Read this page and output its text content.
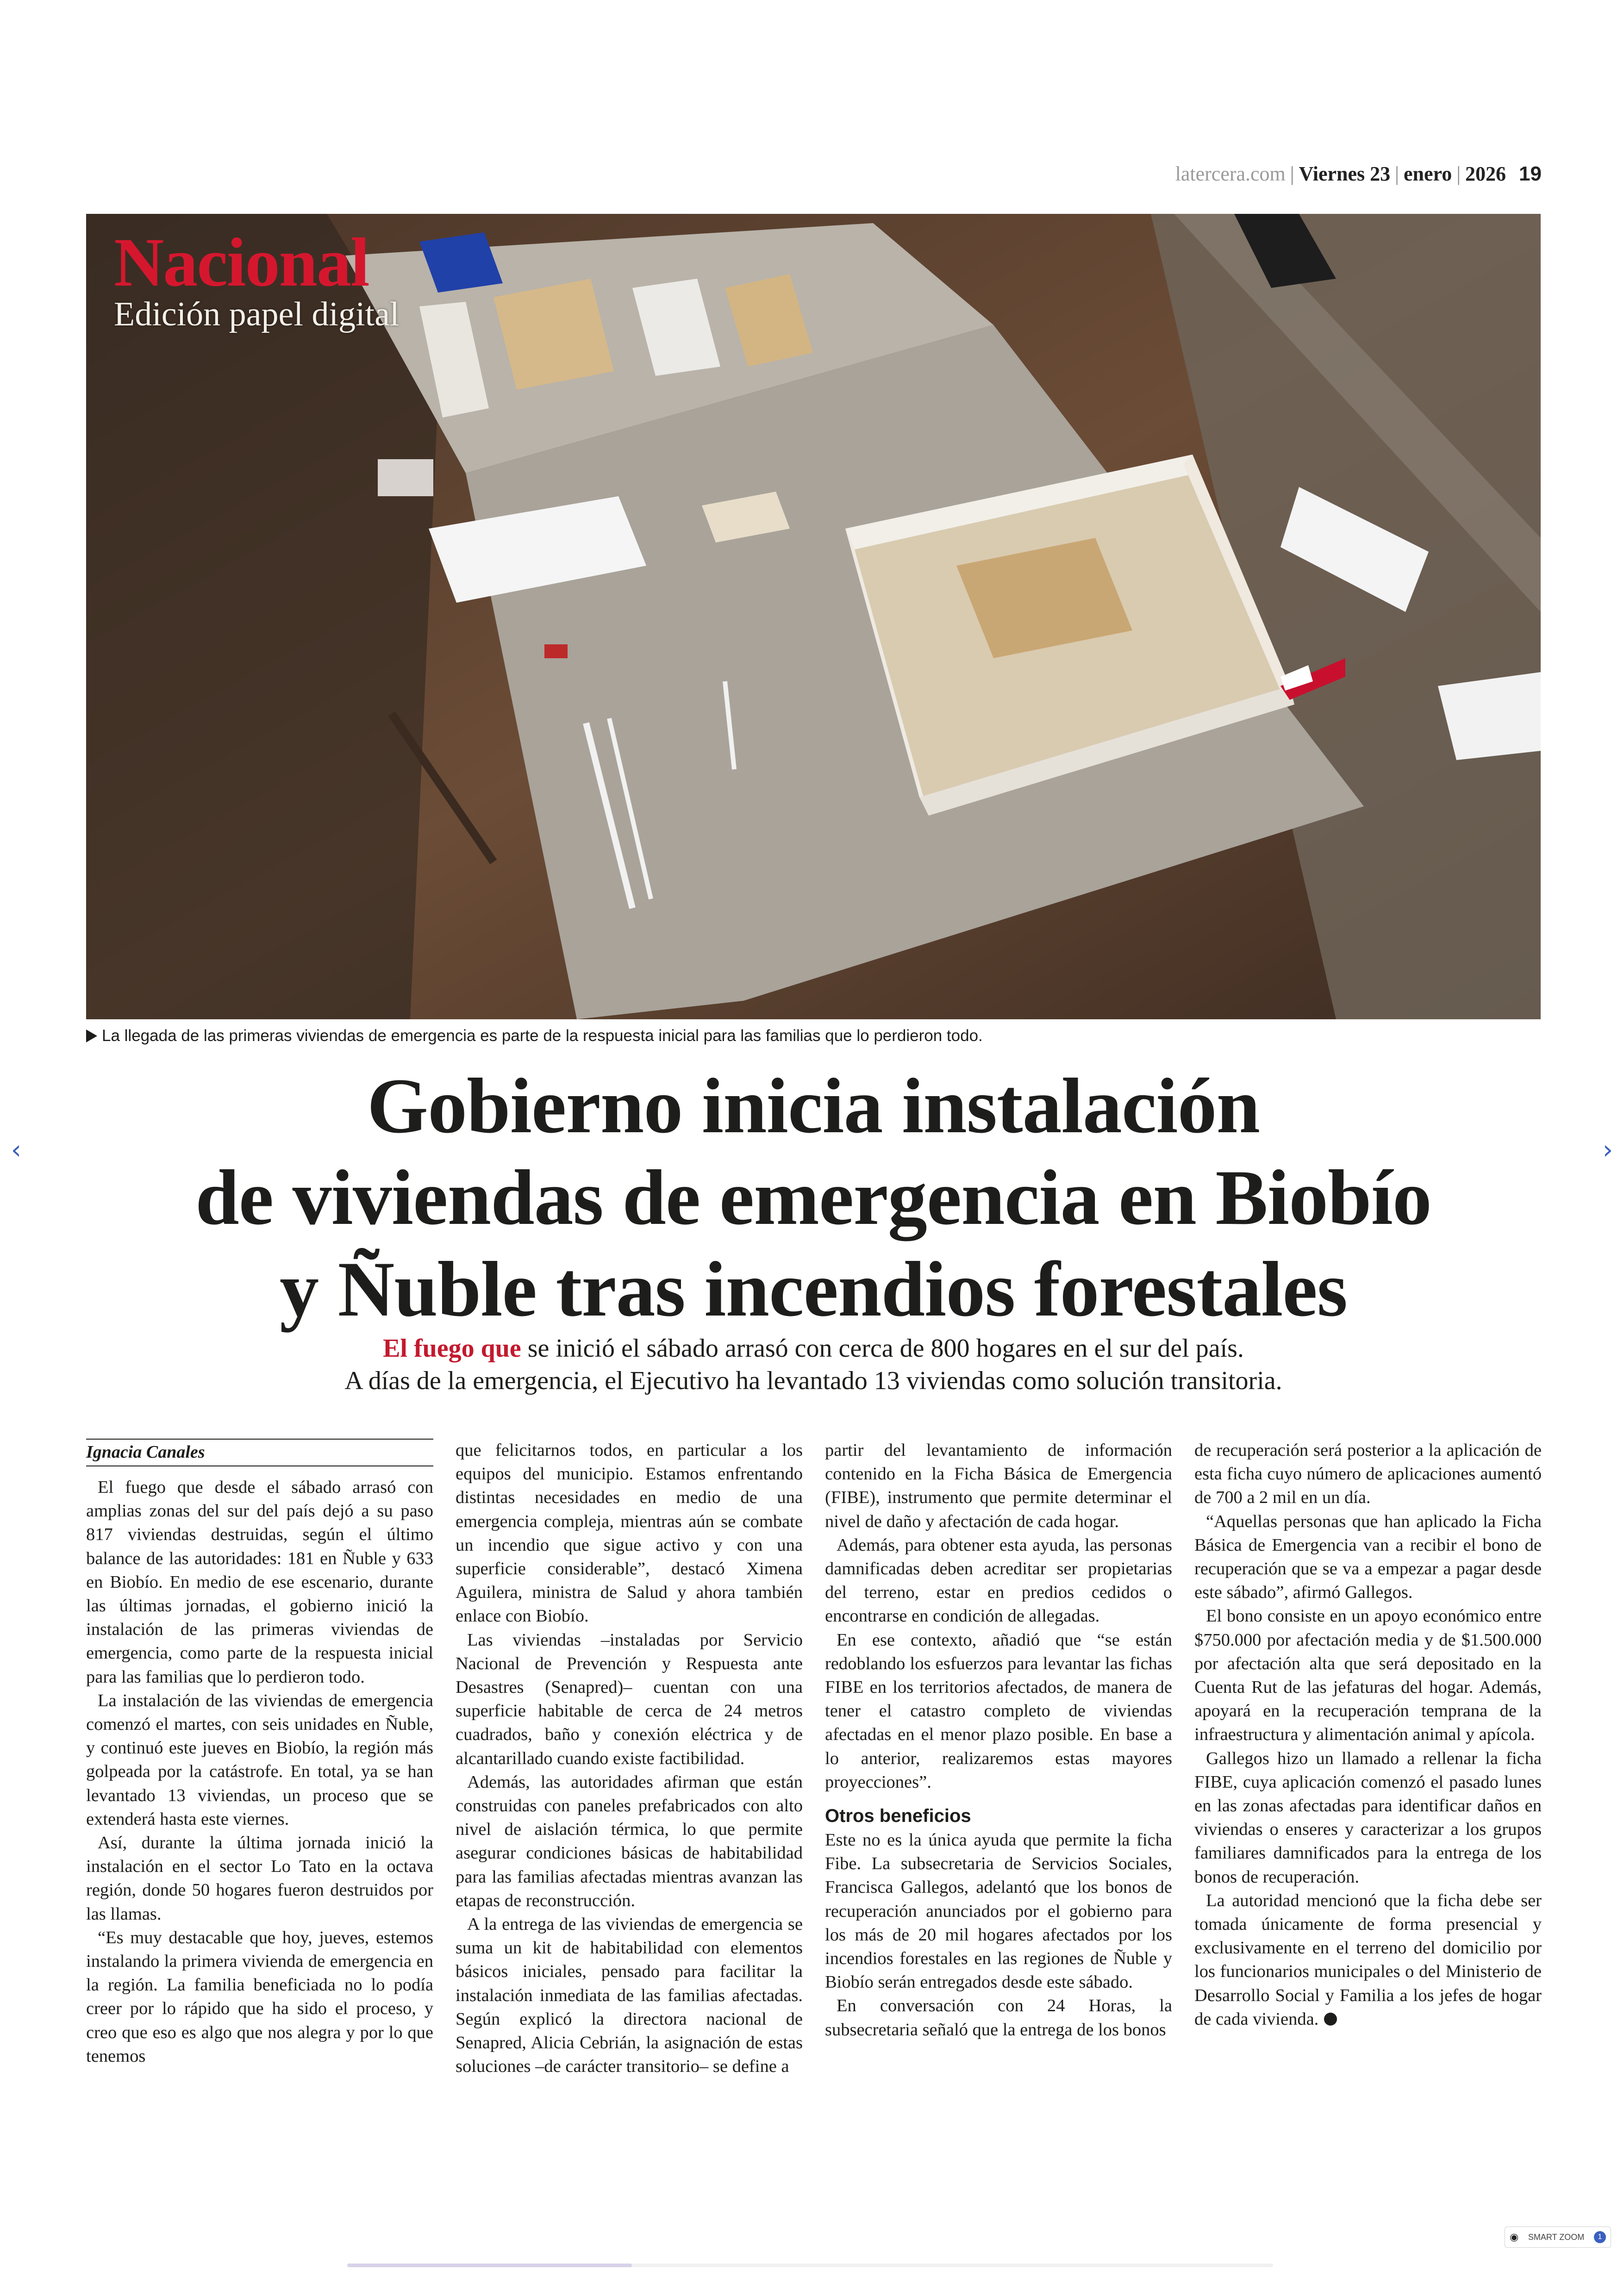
‹	›
latercera.com | Viernes 23 | enero | 2026 19
Nacional
Edición papel digital
La llegada de las primeras viviendas de emergencia es parte de la respuesta inicial para las familias que lo perdieron todo.
Gobierno inicia instalación
de viviendas de emergencia en Biobío
y Ñuble tras incendios forestales
El fuego que se inició el sábado arrasó con cerca de 800 hogares en el sur del país.
A días de la emergencia, el Ejecutivo ha levantado 13 viviendas como solución transitoria.
Ignacia Canales

El fuego que desde el sábado arrasó con amplias zonas del sur del país dejó a su paso 817 viviendas destruidas, según el último balance de las autoridades: 181 en Ñuble y 633 en Biobío. En medio de ese escenario, durante las últimas jornadas, el gobierno inició la instalación de las primeras viviendas de emergencia, como parte de la respuesta inicial para las familias que lo perdieron todo.

La instalación de las viviendas de emergencia comenzó el martes, con seis unidades en Ñuble, y continuó este jueves en Biobío, la región más golpeada por la catástrofe. En total, ya se han levantado 13 viviendas, un proceso que se extenderá hasta este viernes.

Así, durante la última jornada inició la instalación en el sector Lo Tato en la octava región, donde 50 hogares fueron destruidos por las llamas.

“Es muy destacable que hoy, jueves, estemos instalando la primera vivienda de emergencia en la región. La familia beneficiada no lo podía creer por lo rápido que ha sido el proceso, y creo que eso es algo que nos alegra y por lo que tenemos

que felicitarnos todos, en particular a los equipos del municipio. Estamos enfrentando distintas necesidades en medio de una emergencia compleja, mientras aún se combate un incendio que sigue activo y con una superficie considerable”, destacó Ximena Aguilera, ministra de Salud y ahora también enlace con Biobío.

Las viviendas –instaladas por Servicio Nacional de Prevención y Respuesta ante Desastres (Senapred)– cuentan con una superficie habitable de cerca de 24 metros cuadrados, baño y conexión eléctrica y de alcantarillado cuando existe factibilidad.

Además, las autoridades afirman que están construidas con paneles prefabricados con alto nivel de aislación térmica, lo que permite asegurar condiciones básicas de habitabilidad para las familias afectadas mientras avanzan las etapas de reconstrucción.

A la entrega de las viviendas de emergencia se suma un kit de habitabilidad con elementos básicos iniciales, pensado para facilitar la instalación inmediata de las familias afectadas. Según explicó la directora nacional de Senapred, Alicia Cebrián, la asignación de estas soluciones –de carácter transitorio– se define a

partir del levantamiento de información contenido en la Ficha Básica de Emergencia (FIBE), instrumento que permite determinar el nivel de daño y afectación de cada hogar.

Además, para obtener esta ayuda, las personas damnificadas deben acreditar ser propietarias del terreno, estar en predios cedidos o encontrarse en condición de allegadas.

En ese contexto, añadió que “se están redoblando los esfuerzos para levantar las fichas FIBE en los territorios afectados, de manera de tener el catastro completo de viviendas afectadas en el menor plazo posible. En base a lo anterior, realizaremos estas mayores proyecciones”.

Otros beneficios

Este no es la única ayuda que permite la ficha Fibe. La subsecretaria de Servicios Sociales, Francisca Gallegos, adelantó que los bonos de recuperación anunciados por el gobierno para los más de 20 mil hogares afectados por los incendios forestales en las regiones de Ñuble y Biobío serán entregados desde este sábado.

En conversación con 24 Horas, la subsecretaria señaló que la entrega de los bonos

de recuperación será posterior a la aplicación de esta ficha cuyo número de aplicaciones aumentó de 700 a 2 mil en un día.

“Aquellas personas que han aplicado la Ficha Básica de Emergencia van a recibir el bono de recuperación que se va a empezar a pagar desde este sábado”, afirmó Gallegos.

El bono consiste en un apoyo económico entre $750.000 por afectación media y de $1.500.000 por afectación alta que será depositado en la Cuenta Rut de las jefaturas del hogar. Además, apoyará en la recuperación temprana de la infraestructura y alimentación animal y apícola.

Gallegos hizo un llamado a rellenar la ficha FIBE, cuya aplicación comenzó el pasado lunes en las zonas afectadas para identificar daños en viviendas o enseres y caracterizar a los grupos familiares damnificados para la entrega de los bonos de recuperación.

La autoridad mencionó que la ficha debe ser tomada únicamente de forma presencial y exclusivamente en el terreno del domicilio por los funcionarios municipales o del Ministerio de Desarrollo Social y Familia a los jefes de hogar de cada vivienda.

◉ SMART ZOOM	1
